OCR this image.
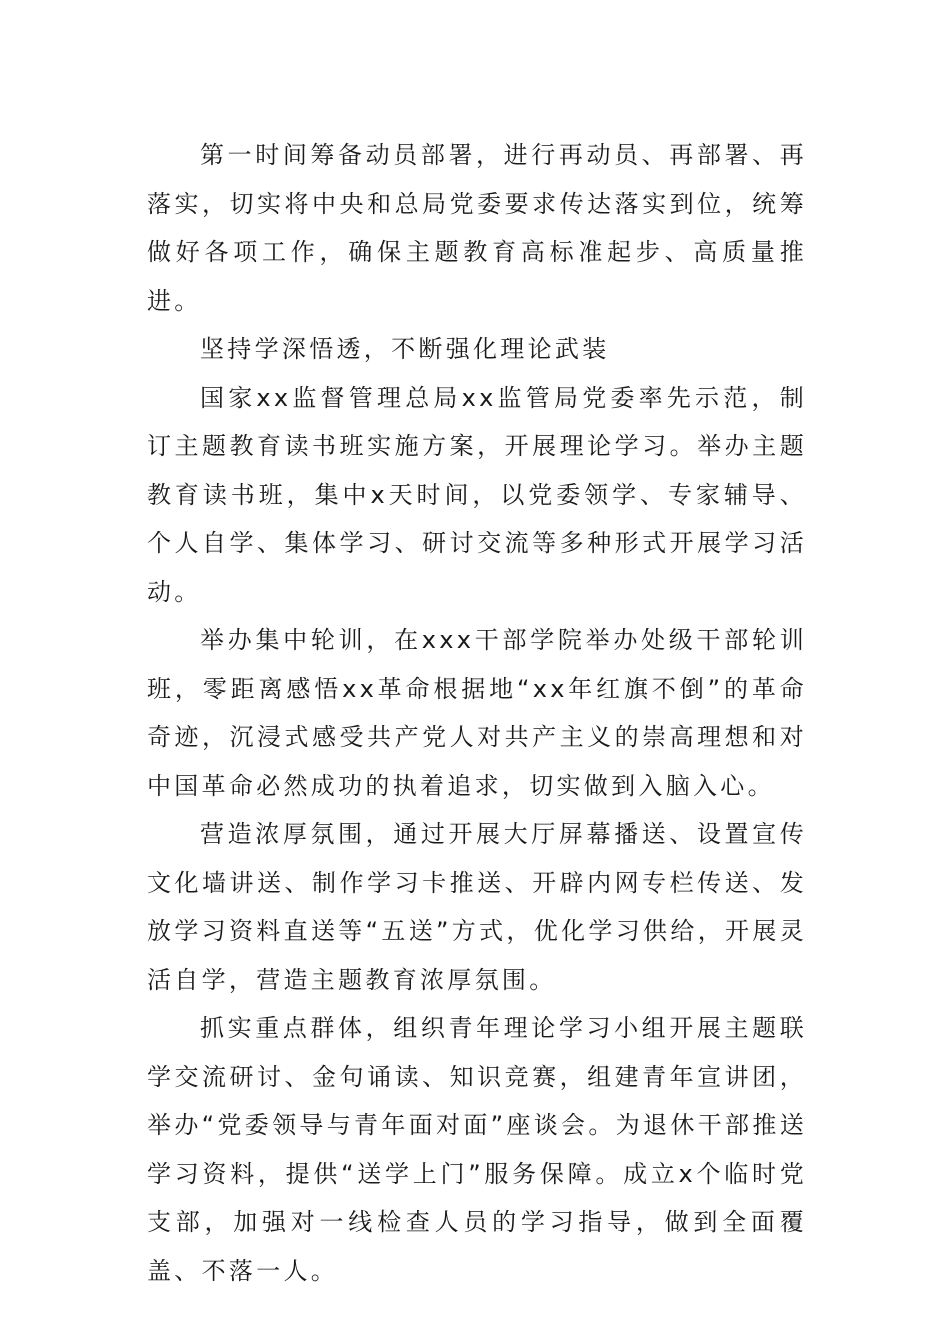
第一时间筹备动员部署，进行再动员、再部署、再落实，切实将中央和总局党委要求传达落实到位，统筹做好各项工作，确保主题教育高标准起步、高质量推进。

坚持学深悟透，不断强化理论武装

国家xx监督管理总局xx监管局党委率先示范，制订主题教育读书班实施方案，开展理论学习。举办主题教育读书班，集中x天时间，以党委领学、专家辅导、个人自学、集体学习、研讨交流等多种形式开展学习活动。

举办集中轮训，在xxx干部学院举办处级干部轮训班，零距离感悟xx革命根据地“xx年红旗不倒”的革命奇迹，沉浸式感受共产党人对共产主义的崇高理想和对中国革命必然成功的执着追求，切实做到入脑入心。

营造浓厚氛围，通过开展大厅屏幕播送、设置宣传文化墙讲送、制作学习卡推送、开辟内网专栏传送、发放学习资料直送等“五送”方式，优化学习供给，开展灵活自学，营造主题教育浓厚氛围。

抓实重点群体，组织青年理论学习小组开展主题联学交流研讨、金句诵读、知识竞赛，组建青年宣讲团，举办“党委领导与青年面对面”座谈会。为退休干部推送学习资料，提供“送学上门”服务保障。成立x个临时党支部，加强对一线检查人员的学习指导，做到全面覆盖、不落一人。
